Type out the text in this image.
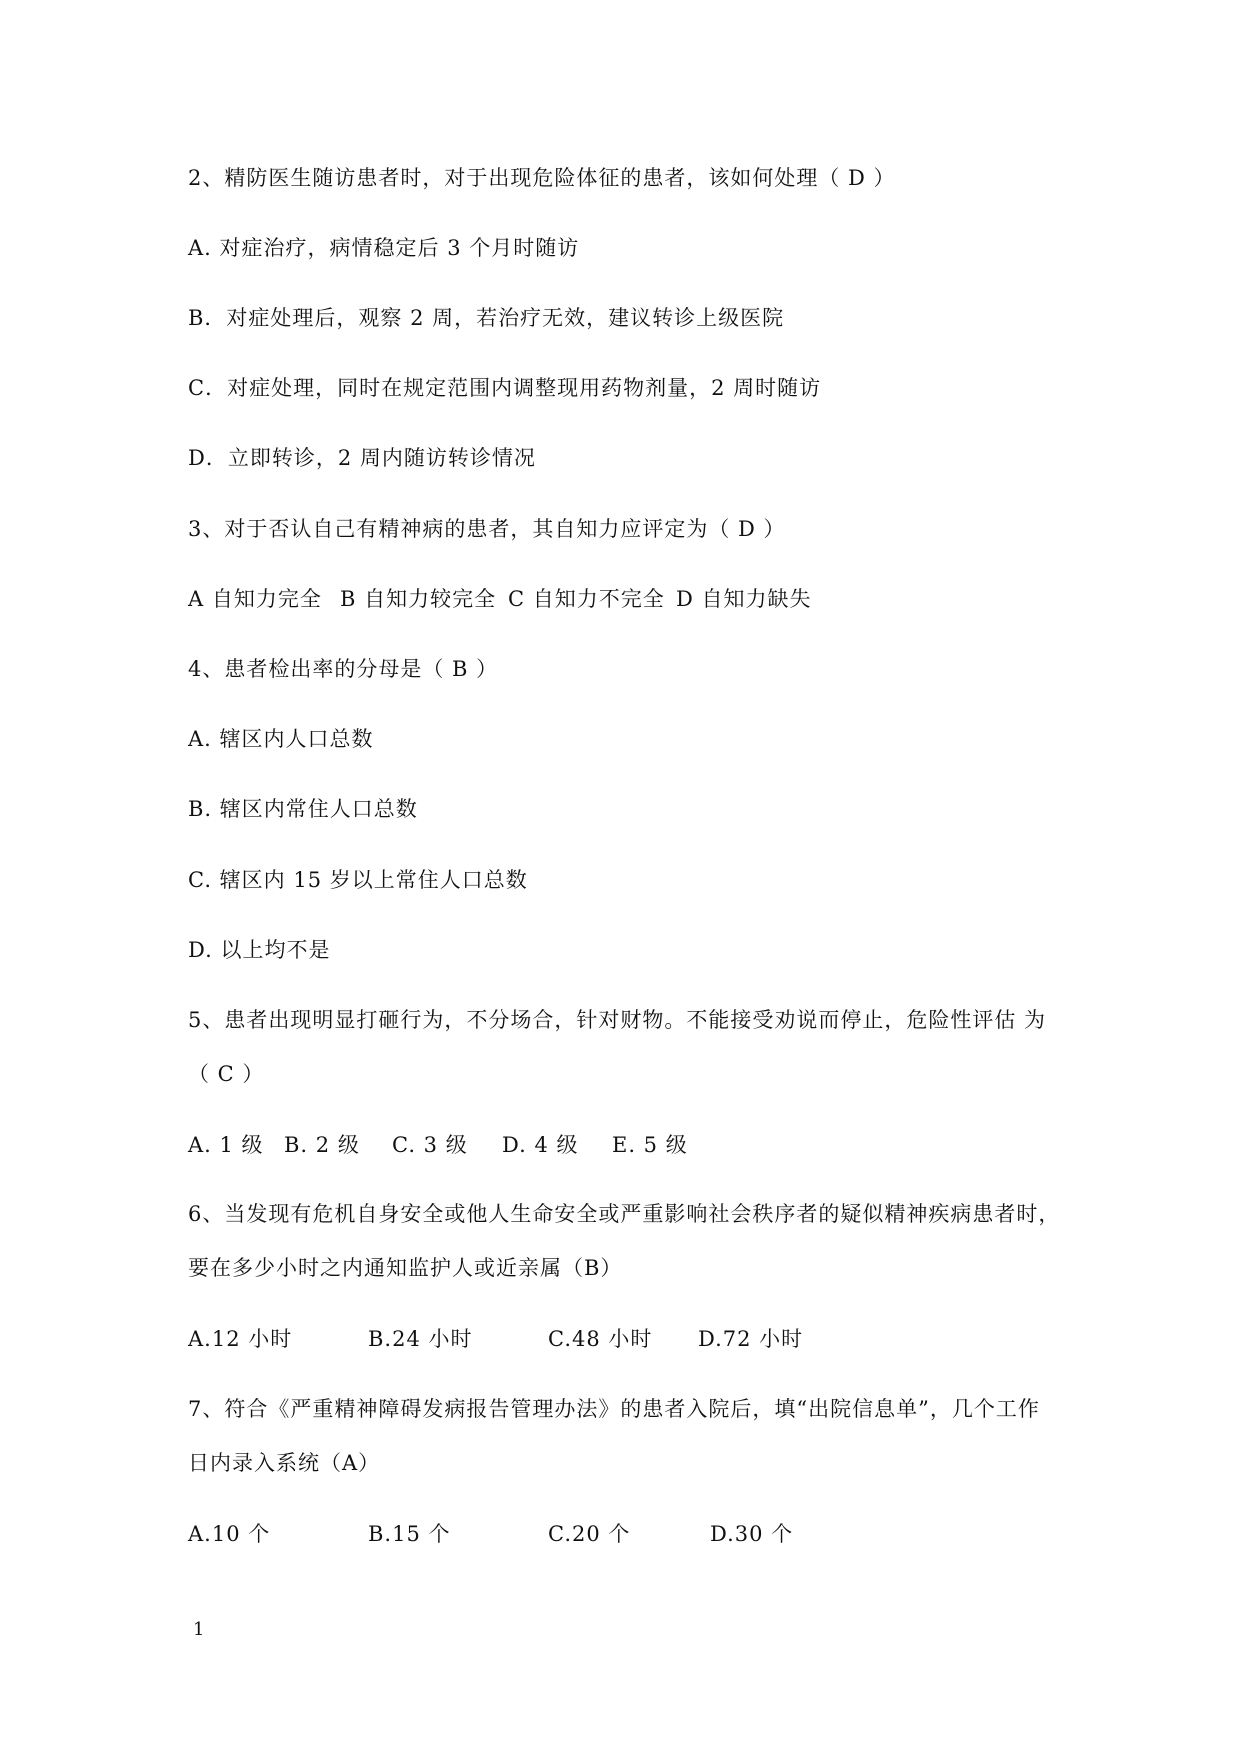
2、精防医生随访患者时，对于出现危险体征的患者，该如何处理（ D ）
A. 对症治疗，病情稳定后 3 个月时随访
B．对症处理后，观察 2 周，若治疗无效，建议转诊上级医院
C．对症处理，同时在规定范围内调整现用药物剂量，2 周时随访
D．立即转诊，2 周内随访转诊情况
3、对于否认自己有精神病的患者，其自知力应评定为（ D ）

A 自知力完全

B 自知力较完全

C 自知力不完全

D 自知力缺失

4、患者检出率的分母是（ B ）
A. 辖区内人口总数
B. 辖区内常住人口总数
C. 辖区内 15 岁以上常住人口总数
D. 以上均不是
5、患者出现明显打砸行为，不分场合，针对财物。不能接受劝说而停止，危险性评估 为
（ C ）

A. 1 级

B. 2 级

C. 3 级

D. 4 级

E. 5 级

6、当发现有危机自身安全或他人生命安全或严重影响社会秩序者的疑似精神疾病患者时，
要在多少小时之内通知监护人或近亲属（B）

A.12 小时

	B.24 小时

	C.48 小时

D.72 小时

7、符合《严重精神障碍发病报告管理办法》的患者入院后，填“出院信息单”，几个工作
日内录入系统（A）

A.10 个

	B.15 个

	C.20 个

	D.30 个

1
